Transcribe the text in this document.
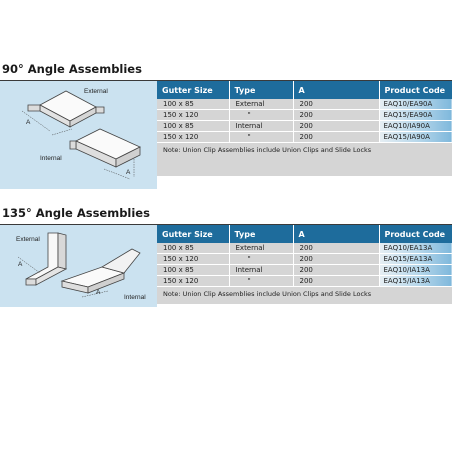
90° Angle Assemblies
External
A
A
Internal
Gutter Size	Type	A	Product Code
100 x 85	External	200	EAQ10/EA90A
150 x 120	"	200	EAQ15/EA90A
100 x 85	Internal	200	EAQ10/IA90A
150 x 120	"	200	EAQ15/IA90A
Note: Union Clip Assemblies include Union Clips and Slide Locks			
135° Angle Assemblies
External
A
A
Internal
Gutter Size	Type	A	Product Code
100 x 85	External	200	EAQ10/EA13A
150 x 120	"	200	EAQ15/EA13A
100 x 85	Internal	200	EAQ10/IA13A
150 x 120	"	200	EAQ15/IA13A
Note: Union Clip Assemblies include Union Clips and Slide Locks			
